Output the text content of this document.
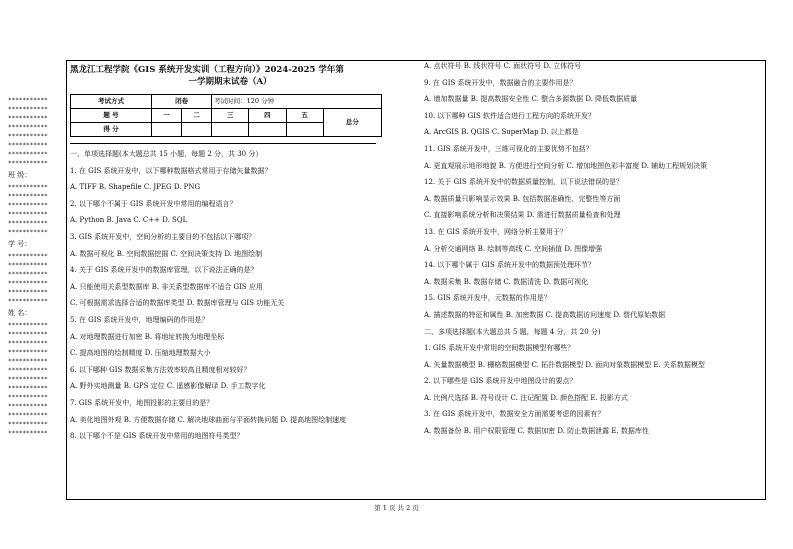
***********
***********
***********
***********
***********
***********
***********
***********
班 级：
***********
***********
***********
***********
***********
***********
学 号：
***********
***********
***********
***********
***********
***********
姓 名：
***********
***********
***********
***********
***********
***********
***********
***********
***********
***********
***********
***********
***********
黑龙江工程学院《GIS 系统开发实训（工程方向）》2024-2025 学年第
一学期期末试卷（A）
考试方式	闭卷		考试时间：120 分钟			
题 号	一	二	三	四	五	总分
得 分						
一、单项选择题(本大题总共 15 小题，每题 2 分，共 30 分）
1. 在 GIS 系统开发中，以下哪种数据格式常用于存储矢量数据？
A. TIFF B. Shapefile C. JPEG D. PNG
2. 以下哪个不属于 GIS 系统开发中常用的编程语言？
A. Python B. Java C. C++ D. SQL
3. GIS 系统开发中，空间分析的主要目的不包括以下哪项？
A. 数据可视化 B. 空间数据挖掘 C. 空间决策支持 D. 地图绘制
4. 关于 GIS 系统开发中的数据库管理，以下说法正确的是？
A. 只能使用关系型数据库 B. 非关系型数据库不适合 GIS 应用
C. 可根据需求选择合适的数据库类型 D. 数据库管理与 GIS 功能无关
5. 在 GIS 系统开发中，地理编码的作用是？
A. 对地理数据进行加密 B. 将地址转换为地理坐标
C. 提高地图的绘制精度 D. 压缩地理数据大小
6. 以下哪种 GIS 数据采集方法效率较高且精度相对较好？
A. 野外实地测量 B. GPS 定位 C. 遥感影像解译 D. 手工数字化
7. GIS 系统开发中，地图投影的主要目的是？
A. 美化地图外观 B. 方便数据存储 C. 解决地球曲面与平面转换问题 D. 提高地图绘制速度
8. 以下哪个不是 GIS 系统开发中常用的地图符号类型？
A. 点状符号 B. 线状符号 C. 面状符号 D. 立体符号
9. 在 GIS 系统开发中，数据融合的主要作用是？
A. 增加数据量 B. 提高数据安全性 C. 整合多源数据 D. 降低数据质量
10. 以下哪种 GIS 软件适合进行工程方向的系统开发？
A. ArcGIS B. QGIS C. SuperMap D. 以上都是
11. GIS 系统开发中，三维可视化的主要优势不包括？
A. 更直观展示地形地貌 B. 方便进行空间分析 C. 增加地图色彩丰富度 D. 辅助工程规划决策
12. 关于 GIS 系统开发中的数据质量控制，以下说法错误的是？
A. 数据质量只影响显示效果 B. 包括数据准确性、完整性等方面
C. 直接影响系统分析和决策结果 D. 需进行数据质量检查和处理
13. 在 GIS 系统开发中，网络分析主要用于？
A. 分析交通网络 B. 绘制等高线 C. 空间插值 D. 图像增强
14. 以下哪个属于 GIS 系统开发中的数据预处理环节？
A. 数据采集 B. 数据存储 C. 数据清洗 D. 数据可视化
15. GIS 系统开发中，元数据的作用是？
A. 描述数据的特征和属性 B. 加密数据 C. 提高数据访问速度 D. 替代原始数据
二、多项选择题(本大题总共 5 题，每题 4 分，共 20 分)
1. GIS 系统开发中常用的空间数据模型有哪些？
A. 矢量数据模型 B. 栅格数据模型 C. 拓扑数据模型 D. 面向对象数据模型 E. 关系数据模型
2. 以下哪些是 GIS 系统开发中地图设计的要点？
A. 比例尺选择 B. 符号设计 C. 注记配置 D. 颜色搭配 E. 投影方式
3. 在 GIS 系统开发中，数据安全方面需要考虑的因素有？
A. 数据备份 B. 用户权限管理 C. 数据加密 D. 防止数据泄露 E. 数据库性
第 1 页 共 2 页
